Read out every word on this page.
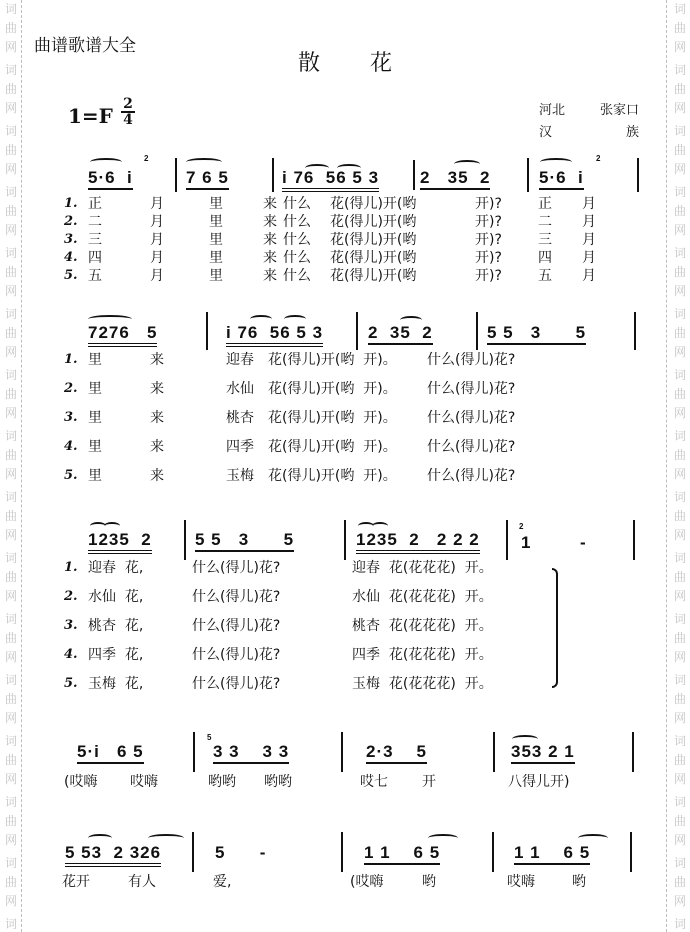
词
曲
网
词
曲
网
词
曲
网
词
曲
网
词
曲
网
词
曲
网
词
曲
网
词
曲
网
词
曲
网
词
曲
网
词
曲
网
词
曲
网
词
曲
网
词
曲
网
词
曲
网
词
词
曲
网
词
曲
网
词
曲
网
词
曲
网
词
曲
网
词
曲
网
词
曲
网
词
曲
网
词
曲
网
词
曲
网
词
曲
网
词
曲
网
词
曲
网
词
曲
网
词
曲
网
词
曲谱歌谱大全
散花
$1=F \frac{2}{4}$	河北	张家口
汉	族
5·6  i
2
7 6 5	i 76  56 5 3 2   35  2	5·6  i
2
1. 正	月	里	来 什么 花(得儿)开(哟	开)?	正 月
2. 二	月	里	来 什么 花(得儿)开(哟	开)?	二 月
3. 三	月	里	来 什么 花(得儿)开(哟	开)?	三 月
4. 四	月	里	来 什么 花(得儿)开(哟	开)?	四 月
5. 五	月	里	来 什么 花(得儿)开(哟	开)?	五 月
7276   5	i 76  56 5 3	2  35  2	5 5   3      5
1. 里	来	迎春 花(得儿)开(哟  开)。 什么(得儿)花?
2. 里	来	水仙 花(得儿)开(哟  开)。 什么(得儿)花?
3. 里	来	桃杏 花(得儿)开(哟  开)。 什么(得儿)花?
4. 里	来	四季 花(得儿)开(哟  开)。 什么(得儿)花?
5. 里	来	玉梅 花(得儿)开(哟  开)。 什么(得儿)花?
1235  2	5 5   3      5	1235  2   2 2 2
2
1	-
1. 迎春  花,	什么(得儿)花?	迎春  花(花花花)  开。
2. 水仙  花,	什么(得儿)花?	水仙  花(花花花)  开。
3. 桃杏  花,	什么(得儿)花?	桃杏  花(花花花)  开。
4. 四季  花,	什么(得儿)花?	四季  花(花花花)  开。
5. 玉梅  花,	什么(得儿)花?	玉梅  花(花花花)  开。
5·i   6 5
5
3 3    3 3	2·3    5	353 2 1
(哎嗨 哎嗨	哟哟 哟哟	哎七 开	八得儿开)
5 53  2 326	5      -	1 1    6 5	1 1    6 5
花开	有人	爱,	(哎嗨	哟	哎嗨	哟
